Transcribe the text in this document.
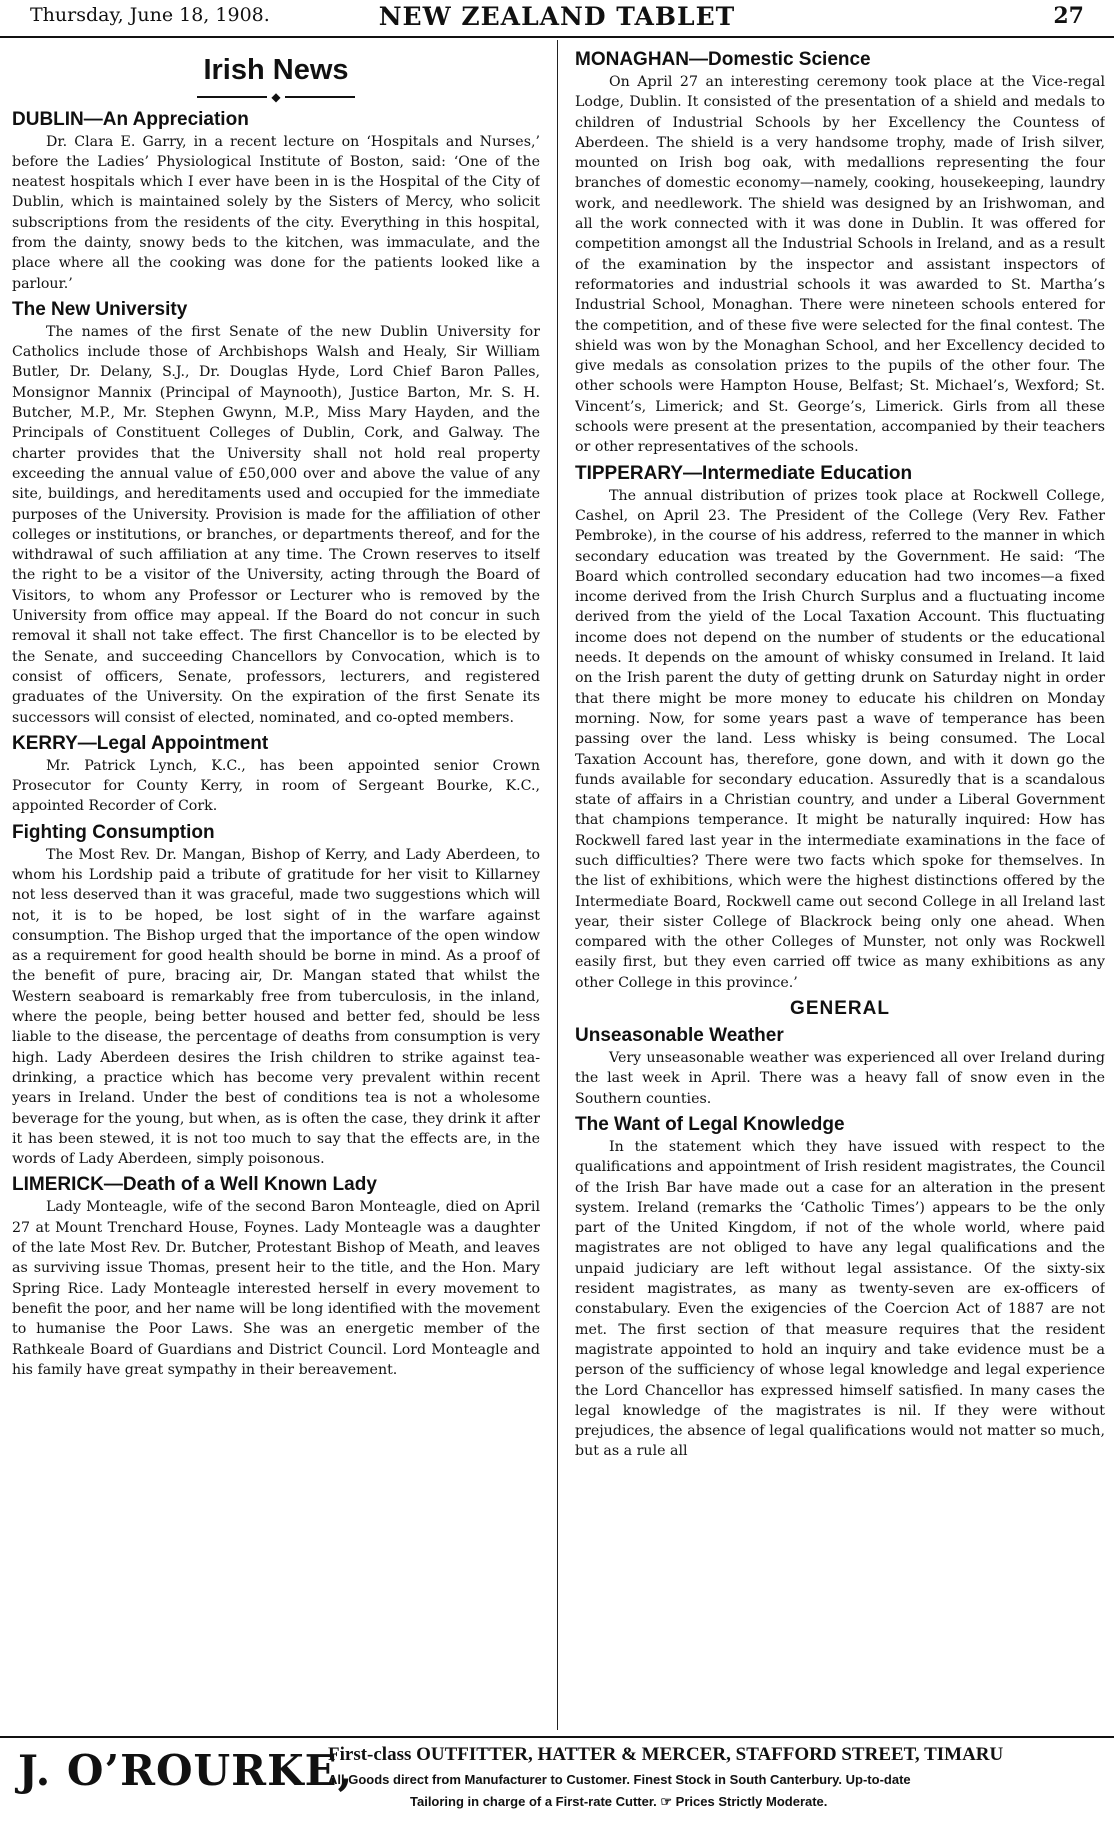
Thursday, June 18, 1908.	NEW ZEALAND TABLET	27
Irish News
◆
DUBLIN—An Appreciation

Dr. Clara E. Garry, in a recent lecture on ‘Hospitals and Nurses,’ before the Ladies’ Physiological Institute of Boston, said: ‘One of the neatest hospitals which I ever have been in is the Hospital of the City of Dublin, which is maintained solely by the Sisters of Mercy, who solicit subscriptions from the residents of the city. Everything in this hospital, from the dainty, snowy beds to the kitchen, was immaculate, and the place where all the cooking was done for the patients looked like a parlour.’

The New University

The names of the first Senate of the new Dublin University for Catholics include those of Archbishops Walsh and Healy, Sir William Butler, Dr. Delany, S.J., Dr. Douglas Hyde, Lord Chief Baron Palles, Monsignor Mannix (Principal of Maynooth), Justice Barton, Mr. S. H. Butcher, M.P., Mr. Stephen Gwynn, M.P., Miss Mary Hayden, and the Principals of Constituent Colleges of Dublin, Cork, and Galway. The charter provides that the University shall not hold real property exceeding the annual value of £50,000 over and above the value of any site, buildings, and hereditaments used and occupied for the immediate purposes of the University. Provision is made for the affiliation of other colleges or institutions, or branches, or departments thereof, and for the withdrawal of such affiliation at any time. The Crown reserves to itself the right to be a visitor of the University, acting through the Board of Visitors, to whom any Professor or Lecturer who is removed by the University from office may appeal. If the Board do not concur in such removal it shall not take effect. The first Chancellor is to be elected by the Senate, and succeeding Chancellors by Convocation, which is to consist of officers, Senate, professors, lecturers, and registered graduates of the University. On the expiration of the first Senate its successors will consist of elected, nominated, and co-opted members.

KERRY—Legal Appointment

Mr. Patrick Lynch, K.C., has been appointed senior Crown Prosecutor for County Kerry, in room of Sergeant Bourke, K.C., appointed Recorder of Cork.

Fighting Consumption

The Most Rev. Dr. Mangan, Bishop of Kerry, and Lady Aberdeen, to whom his Lordship paid a tribute of gratitude for her visit to Killarney not less deserved than it was graceful, made two suggestions which will not, it is to be hoped, be lost sight of in the warfare against consumption. The Bishop urged that the importance of the open window as a requirement for good health should be borne in mind. As a proof of the benefit of pure, bracing air, Dr. Mangan stated that whilst the Western seaboard is remarkably free from tuberculosis, in the inland, where the people, being better housed and better fed, should be less liable to the disease, the percentage of deaths from consumption is very high. Lady Aberdeen desires the Irish children to strike against tea-drinking, a practice which has become very prevalent within recent years in Ireland. Under the best of conditions tea is not a wholesome beverage for the young, but when, as is often the case, they drink it after it has been stewed, it is not too much to say that the effects are, in the words of Lady Aberdeen, simply poisonous.

LIMERICK—Death of a Well Known Lady

Lady Monteagle, wife of the second Baron Monteagle, died on April 27 at Mount Trenchard House, Foynes. Lady Monteagle was a daughter of the late Most Rev. Dr. Butcher, Protestant Bishop of Meath, and leaves as surviving issue Thomas, present heir to the title, and the Hon. Mary Spring Rice. Lady Monteagle interested herself in every movement to benefit the poor, and her name will be long identified with the movement to humanise the Poor Laws. She was an energetic member of the Rathkeale Board of Guardians and District Council. Lord Monteagle and his family have great sympathy in their bereavement.

MONAGHAN—Domestic Science

On April 27 an interesting ceremony took place at the Vice-regal Lodge, Dublin. It consisted of the presentation of a shield and medals to children of Industrial Schools by her Excellency the Countess of Aberdeen. The shield is a very handsome trophy, made of Irish silver, mounted on Irish bog oak, with medallions representing the four branches of domestic economy—namely, cooking, housekeeping, laundry work, and needlework. The shield was designed by an Irishwoman, and all the work connected with it was done in Dublin. It was offered for competition amongst all the Industrial Schools in Ireland, and as a result of the examination by the inspector and assistant inspectors of reformatories and industrial schools it was awarded to St. Martha’s Industrial School, Monaghan. There were nineteen schools entered for the competition, and of these five were selected for the final contest. The shield was won by the Monaghan School, and her Excellency decided to give medals as consolation prizes to the pupils of the other four. The other schools were Hampton House, Belfast; St. Michael’s, Wexford; St. Vincent’s, Limerick; and St. George’s, Limerick. Girls from all these schools were present at the presentation, accompanied by their teachers or other representatives of the schools.

TIPPERARY—Intermediate Education

The annual distribution of prizes took place at Rockwell College, Cashel, on April 23. The President of the College (Very Rev. Father Pembroke), in the course of his address, referred to the manner in which secondary education was treated by the Government. He said: ‘The Board which controlled secondary education had two incomes—a fixed income derived from the Irish Church Surplus and a fluctuating income derived from the yield of the Local Taxation Account. This fluctuating income does not depend on the number of students or the educational needs. It depends on the amount of whisky consumed in Ireland. It laid on the Irish parent the duty of getting drunk on Saturday night in order that there might be more money to educate his children on Monday morning. Now, for some years past a wave of temperance has been passing over the land. Less whisky is being consumed. The Local Taxation Account has, therefore, gone down, and with it down go the funds available for secondary education. Assuredly that is a scandalous state of affairs in a Christian country, and under a Liberal Government that champions temperance. It might be naturally inquired: How has Rockwell fared last year in the intermediate examinations in the face of such difficulties? There were two facts which spoke for themselves. In the list of exhibitions, which were the highest distinctions offered by the Intermediate Board, Rockwell came out second College in all Ireland last year, their sister College of Blackrock being only one ahead. When compared with the other Colleges of Munster, not only was Rockwell easily first, but they even carried off twice as many exhibitions as any other College in this province.’

GENERAL
Unseasonable Weather

Very unseasonable weather was experienced all over Ireland during the last week in April. There was a heavy fall of snow even in the Southern counties.

The Want of Legal Knowledge

In the statement which they have issued with respect to the qualifications and appointment of Irish resident magistrates, the Council of the Irish Bar have made out a case for an alteration in the present system. Ireland (remarks the ‘Catholic Times’) appears to be the only part of the United Kingdom, if not of the whole world, where paid magistrates are not obliged to have any legal qualifications and the unpaid judiciary are left without legal assistance. Of the sixty-six resident magistrates, as many as twenty-seven are ex-officers of constabulary. Even the exigencies of the Coercion Act of 1887 are not met. The first section of that measure requires that the resident magistrate appointed to hold an inquiry and take evidence must be a person of the sufficiency of whose legal knowledge and legal experience the Lord Chancellor has expressed himself satisfied. In many cases the legal knowledge of the magistrates is nil. If they were without prejudices, the absence of legal qualifications would not matter so much, but as a rule all

J. O’ROURKE,
First-class OUTFITTER, HATTER & MERCER, STAFFORD STREET, TIMARU
All Goods direct from Manufacturer to Customer. Finest Stock in South Canterbury. Up-to-date
Tailoring in charge of a First-rate Cutter. ☞ Prices Strictly Moderate.
